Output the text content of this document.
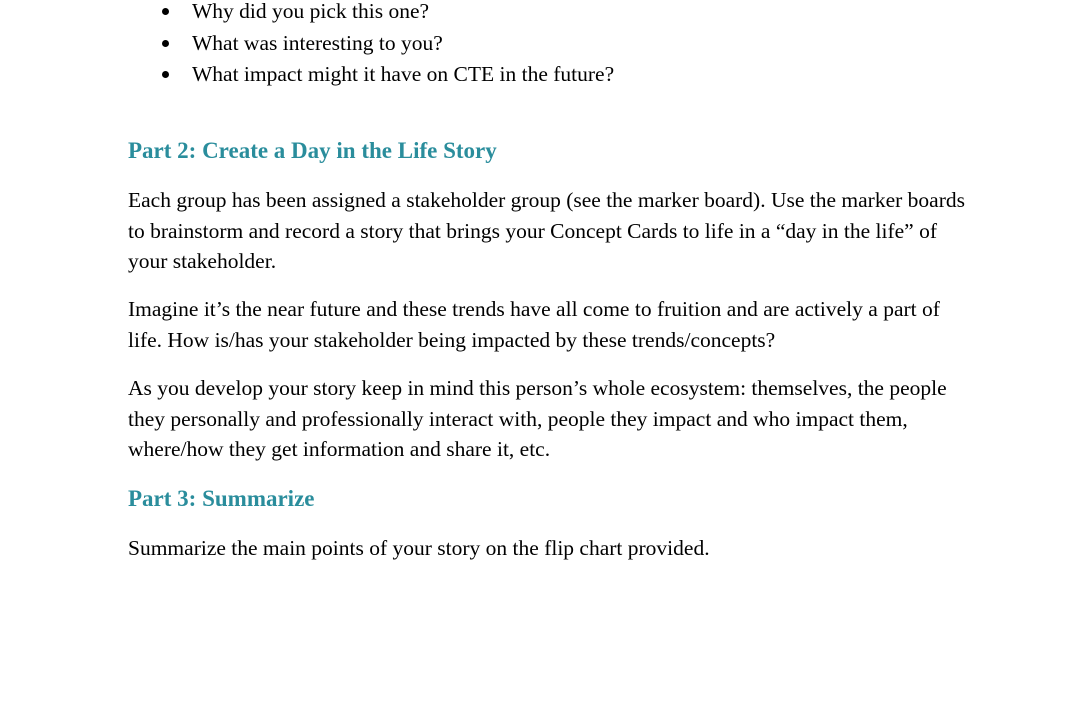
Why did you pick this one?
What was interesting to you?
What impact might it have on CTE in the future?
Part 2: Create a Day in the Life Story

Each group has been assigned a stakeholder group (see the marker board). Use the marker boards to brainstorm and record a story that brings your Concept Cards to life in a “day in the life” of your stakeholder.

Imagine it’s the near future and these trends have all come to fruition and are actively a part of life. How is/has your stakeholder being impacted by these trends/concepts?

As you develop your story keep in mind this person’s whole ecosystem: themselves, the people they personally and professionally interact with, people they impact and who impact them, where/how they get information and share it, etc.

Part 3: Summarize

Summarize the main points of your story on the flip chart provided.
